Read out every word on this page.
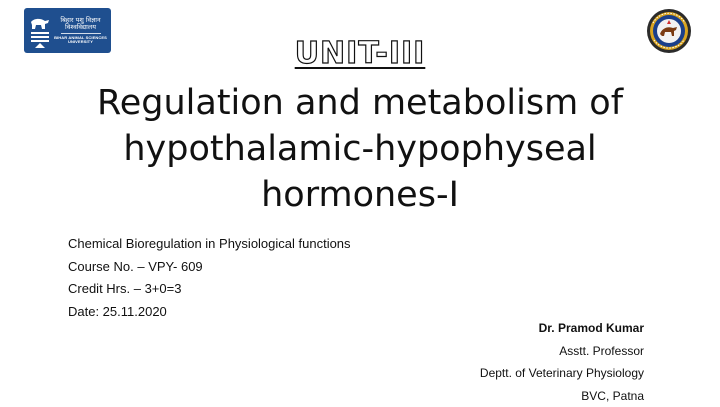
बिहार पशु विज्ञान
विश्वविद्यालय
BIHAR ANIMAL SCIENCES UNIVERSITY	UNIT-III
Regulation and metabolism of
hypothalamic-hypophyseal
hormones-I
Chemical Bioregulation in Physiological functions
Course No. – VPY- 609
Credit Hrs. – 3+0=3
Date: 25.11.2020
Dr. Pramod Kumar
Asstt. Professor
Deptt. of Veterinary Physiology
BVC, Patna
